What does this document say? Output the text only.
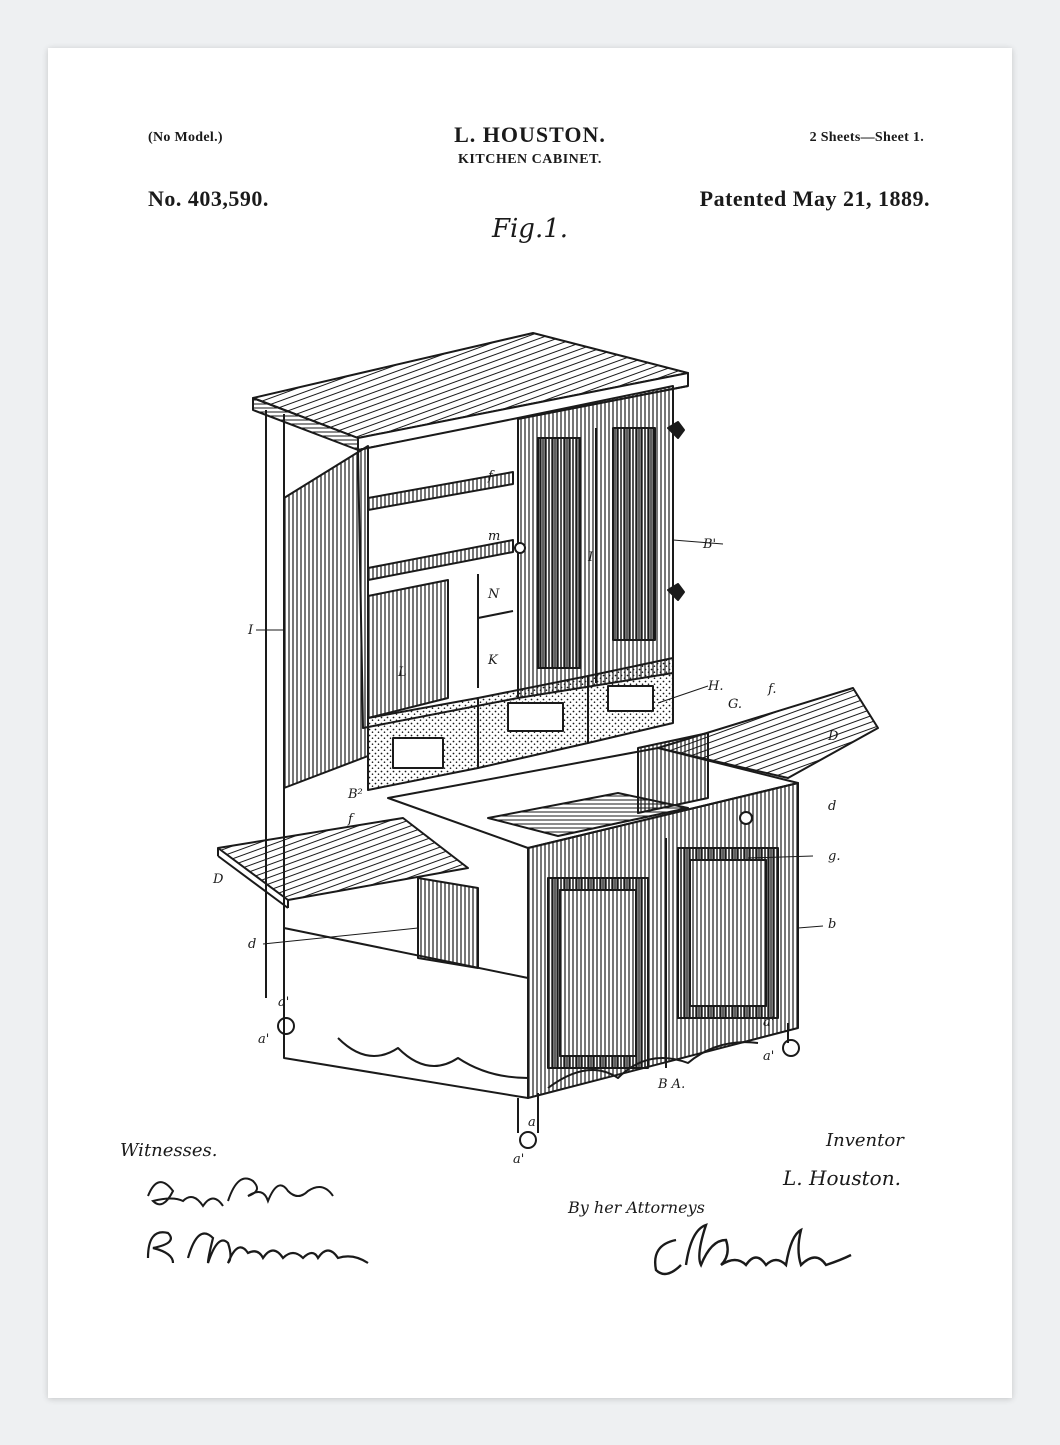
(No Model.)	L. HOUSTON.
KITCHEN CABINET.
2 Sheets—Sheet 1.
No. 403,590.	Patented May 21, 1889.
Fig.1.
f
m
N
K
L
I
B'
I
H.
G.
f.
D
d
g.
b
B²
f
D
d
a'
a'
B A.
a
a'
a'
a'
Witnesses.	Inventor
L. Houston.
By her Attorneys
